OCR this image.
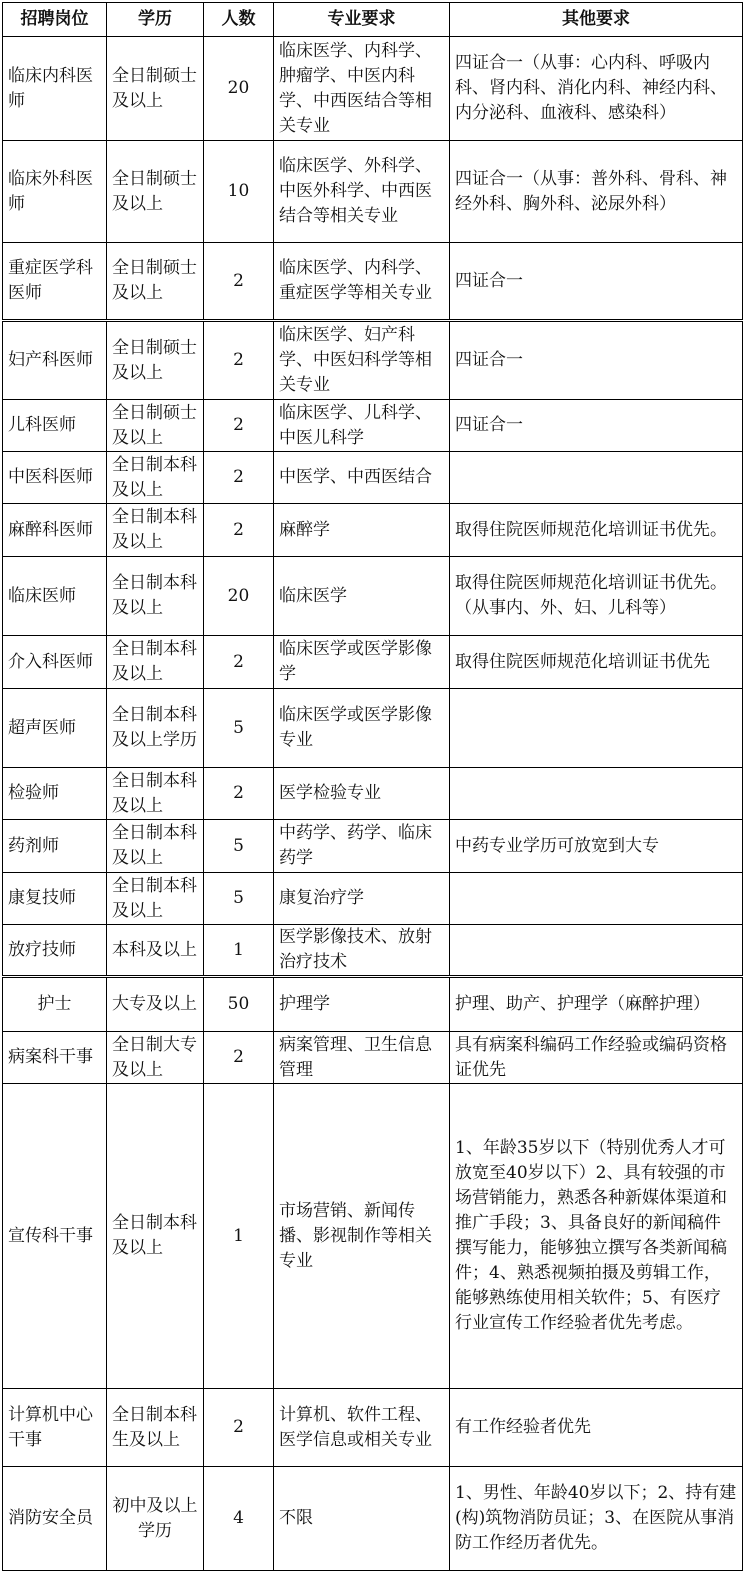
招聘岗位	学历	人数	专业要求	其他要求
临床内科医师	全日制硕士及以上	20	临床医学、内科学、肿瘤学、中医内科学、中西医结合等相关专业	四证合一（从事：心内科、呼吸内科、肾内科、消化内科、神经内科、内分泌科、血液科、感染科）
临床外科医师	全日制硕士及以上	10	临床医学、外科学、中医外科学、中西医结合等相关专业	四证合一（从事：普外科、骨科、神经外科、胸外科、泌尿外科）
重症医学科医师	全日制硕士及以上	2	临床医学、内科学、重症医学等相关专业	四证合一
妇产科医师	全日制硕士及以上	2	临床医学、妇产科学、中医妇科学等相关专业	四证合一
儿科医师	全日制硕士及以上	2	临床医学、儿科学、中医儿科学	四证合一
中医科医师	全日制本科及以上	2	中医学、中西医结合	
麻醉科医师	全日制本科及以上	2	麻醉学	取得住院医师规范化培训证书优先。
临床医师	全日制本科及以上	20	临床医学	取得住院医师规范化培训证书优先。（从事内、外、妇、儿科等）
介入科医师	全日制本科及以上	2	临床医学或医学影像学	取得住院医师规范化培训证书优先
超声医师	全日制本科及以上学历	5	临床医学或医学影像专业	
检验师	全日制本科及以上	2	医学检验专业	
药剂师	全日制本科及以上	5	中药学、药学、临床药学	中药专业学历可放宽到大专
康复技师	全日制本科及以上	5	康复治疗学	
放疗技师	本科及以上	1	医学影像技术、放射治疗技术	
护士	大专及以上	50	护理学	护理、助产、护理学（麻醉护理）
病案科干事	全日制大专及以上	2	病案管理、卫生信息管理	具有病案科编码工作经验或编码资格证优先
宣传科干事	全日制本科及以上	1	市场营销、新闻传播、影视制作等相关专业	1、年龄35岁以下（特别优秀人才可放宽至40岁以下）2、具有较强的市场营销能力，熟悉各种新媒体渠道和推广手段；3、具备良好的新闻稿件撰写能力，能够独立撰写各类新闻稿件；4、熟悉视频拍摄及剪辑工作，能够熟练使用相关软件；5、有医疗行业宣传工作经验者优先考虑。
计算机中心干事	全日制本科生及以上	2	计算机、软件工程、医学信息或相关专业	有工作经验者优先
消防安全员	初中及以上学历	4	不限	1、男性、年龄40岁以下；2、持有建(构)筑物消防员证；3、在医院从事消防工作经历者优先。
